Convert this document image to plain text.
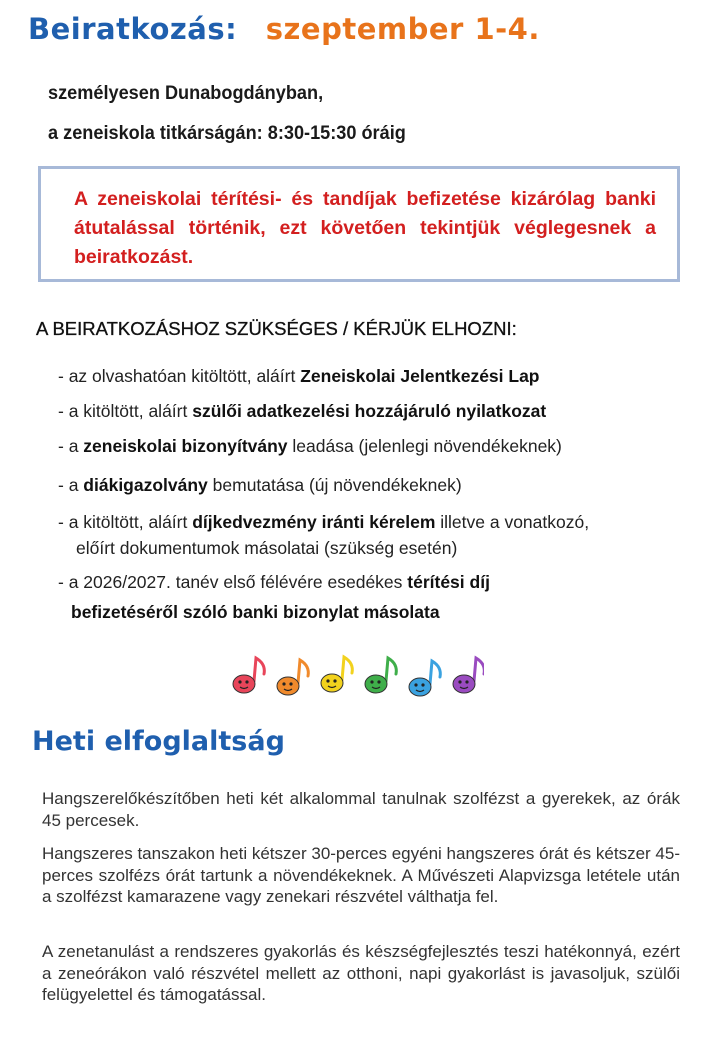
Beiratkozás: szeptember 1-4.
személyesen Dunabogdányban,
a zeneiskola titkárságán: 8:30-15:30 óráig

A zeneiskolai térítési- és tandíjak befizetése kizárólag banki átutalással történik, ezt követően tekintjük véglegesnek a beiratkozást.

A BEIRATKOZÁSHOZ SZÜKSÉGES / KÉRJÜK ELHOZNI:
- az olvashatóan kitöltött, aláírt Zeneiskolai Jelentkezési Lap
- a kitöltött, aláírt szülői adatkezelési hozzájáruló nyilatkozat
- a zeneiskolai bizonyítvány leadása (jelenlegi növendékeknek)
- a diákigazolvány bemutatása (új növendékeknek)
- a kitöltött, aláírt díjkedvezmény iránti kérelem illetve a vonatkozó,
előírt dokumentumok másolatai (szükség esetén)
- a 2026/2027. tanév első félévére esedékes térítési díj
befizetéséről szóló banki bizonylat másolata
Heti elfoglaltság

Hangszerelőkészítőben heti két alkalommal tanulnak szolfézst a gyerekek, az órák 45 percesek.

Hangszeres tanszakon heti kétszer 30-perces egyéni hangszeres órát és kétszer 45-perces szolfézs órát tartunk a növendékeknek. A Művészeti Alapvizsga letétele után a szolfézst kamarazene vagy zenekari részvétel válthatja fel.

A zenetanulást a rendszeres gyakorlás és készségfejlesztés teszi hatékonnyá, ezért a zeneórákon való részvétel mellett az otthoni, napi gyakorlást is javasoljuk, szülői felügyelettel és támogatással.
